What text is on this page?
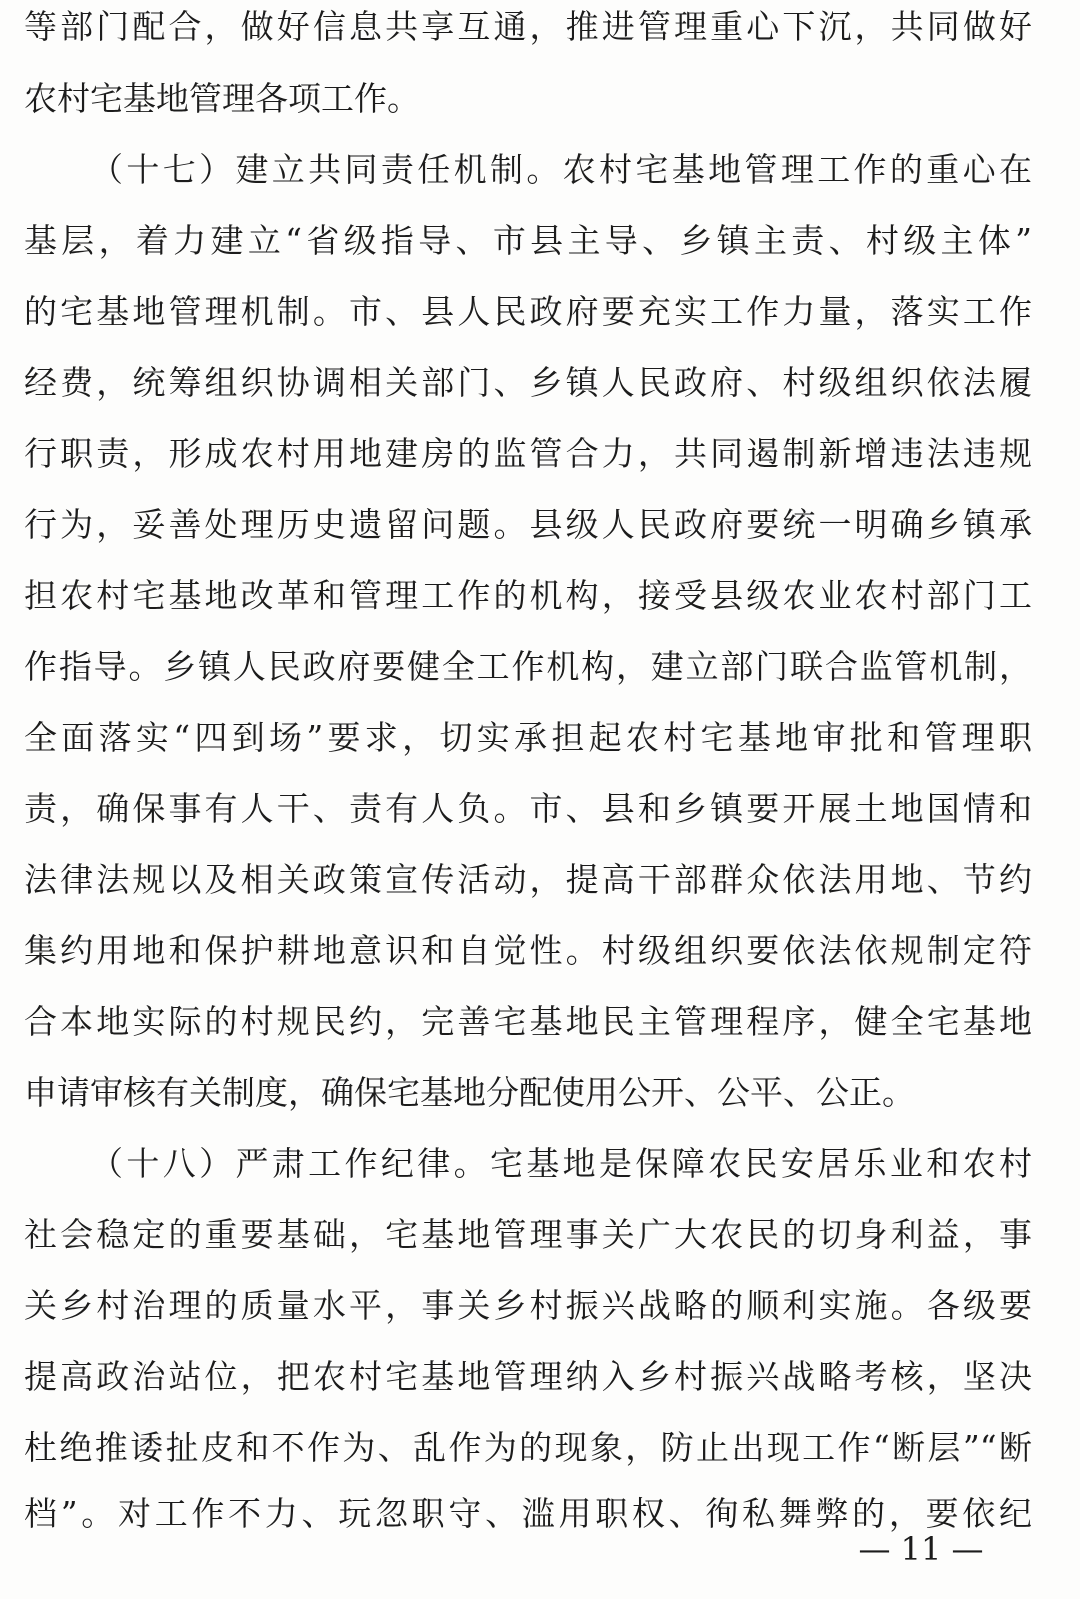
等部门配合，做好信息共享互通，推进管理重心下沉，共同做好
农村宅基地管理各项工作。
（十七）建立共同责任机制。农村宅基地管理工作的重心在
基层，着力建立“省级指导、市县主导、乡镇主责、村级主体”
的宅基地管理机制。市、县人民政府要充实工作力量，落实工作
经费，统筹组织协调相关部门、乡镇人民政府、村级组织依法履
行职责，形成农村用地建房的监管合力，共同遏制新增违法违规
行为，妥善处理历史遗留问题。县级人民政府要统一明确乡镇承
担农村宅基地改革和管理工作的机构，接受县级农业农村部门工
作指导。乡镇人民政府要健全工作机构，建立部门联合监管机制，
全面落实“四到场”要求，切实承担起农村宅基地审批和管理职
责，确保事有人干、责有人负。市、县和乡镇要开展土地国情和
法律法规以及相关政策宣传活动，提高干部群众依法用地、节约
集约用地和保护耕地意识和自觉性。村级组织要依法依规制定符
合本地实际的村规民约，完善宅基地民主管理程序，健全宅基地
申请审核有关制度，确保宅基地分配使用公开、公平、公正。
（十八）严肃工作纪律。宅基地是保障农民安居乐业和农村
社会稳定的重要基础，宅基地管理事关广大农民的切身利益，事
关乡村治理的质量水平，事关乡村振兴战略的顺利实施。各级要
提高政治站位，把农村宅基地管理纳入乡村振兴战略考核，坚决
杜绝推诿扯皮和不作为、乱作为的现象，防止出现工作“断层”“断
档”。对工作不力、玩忽职守、滥用职权、徇私舞弊的，要依纪
— 11 —
